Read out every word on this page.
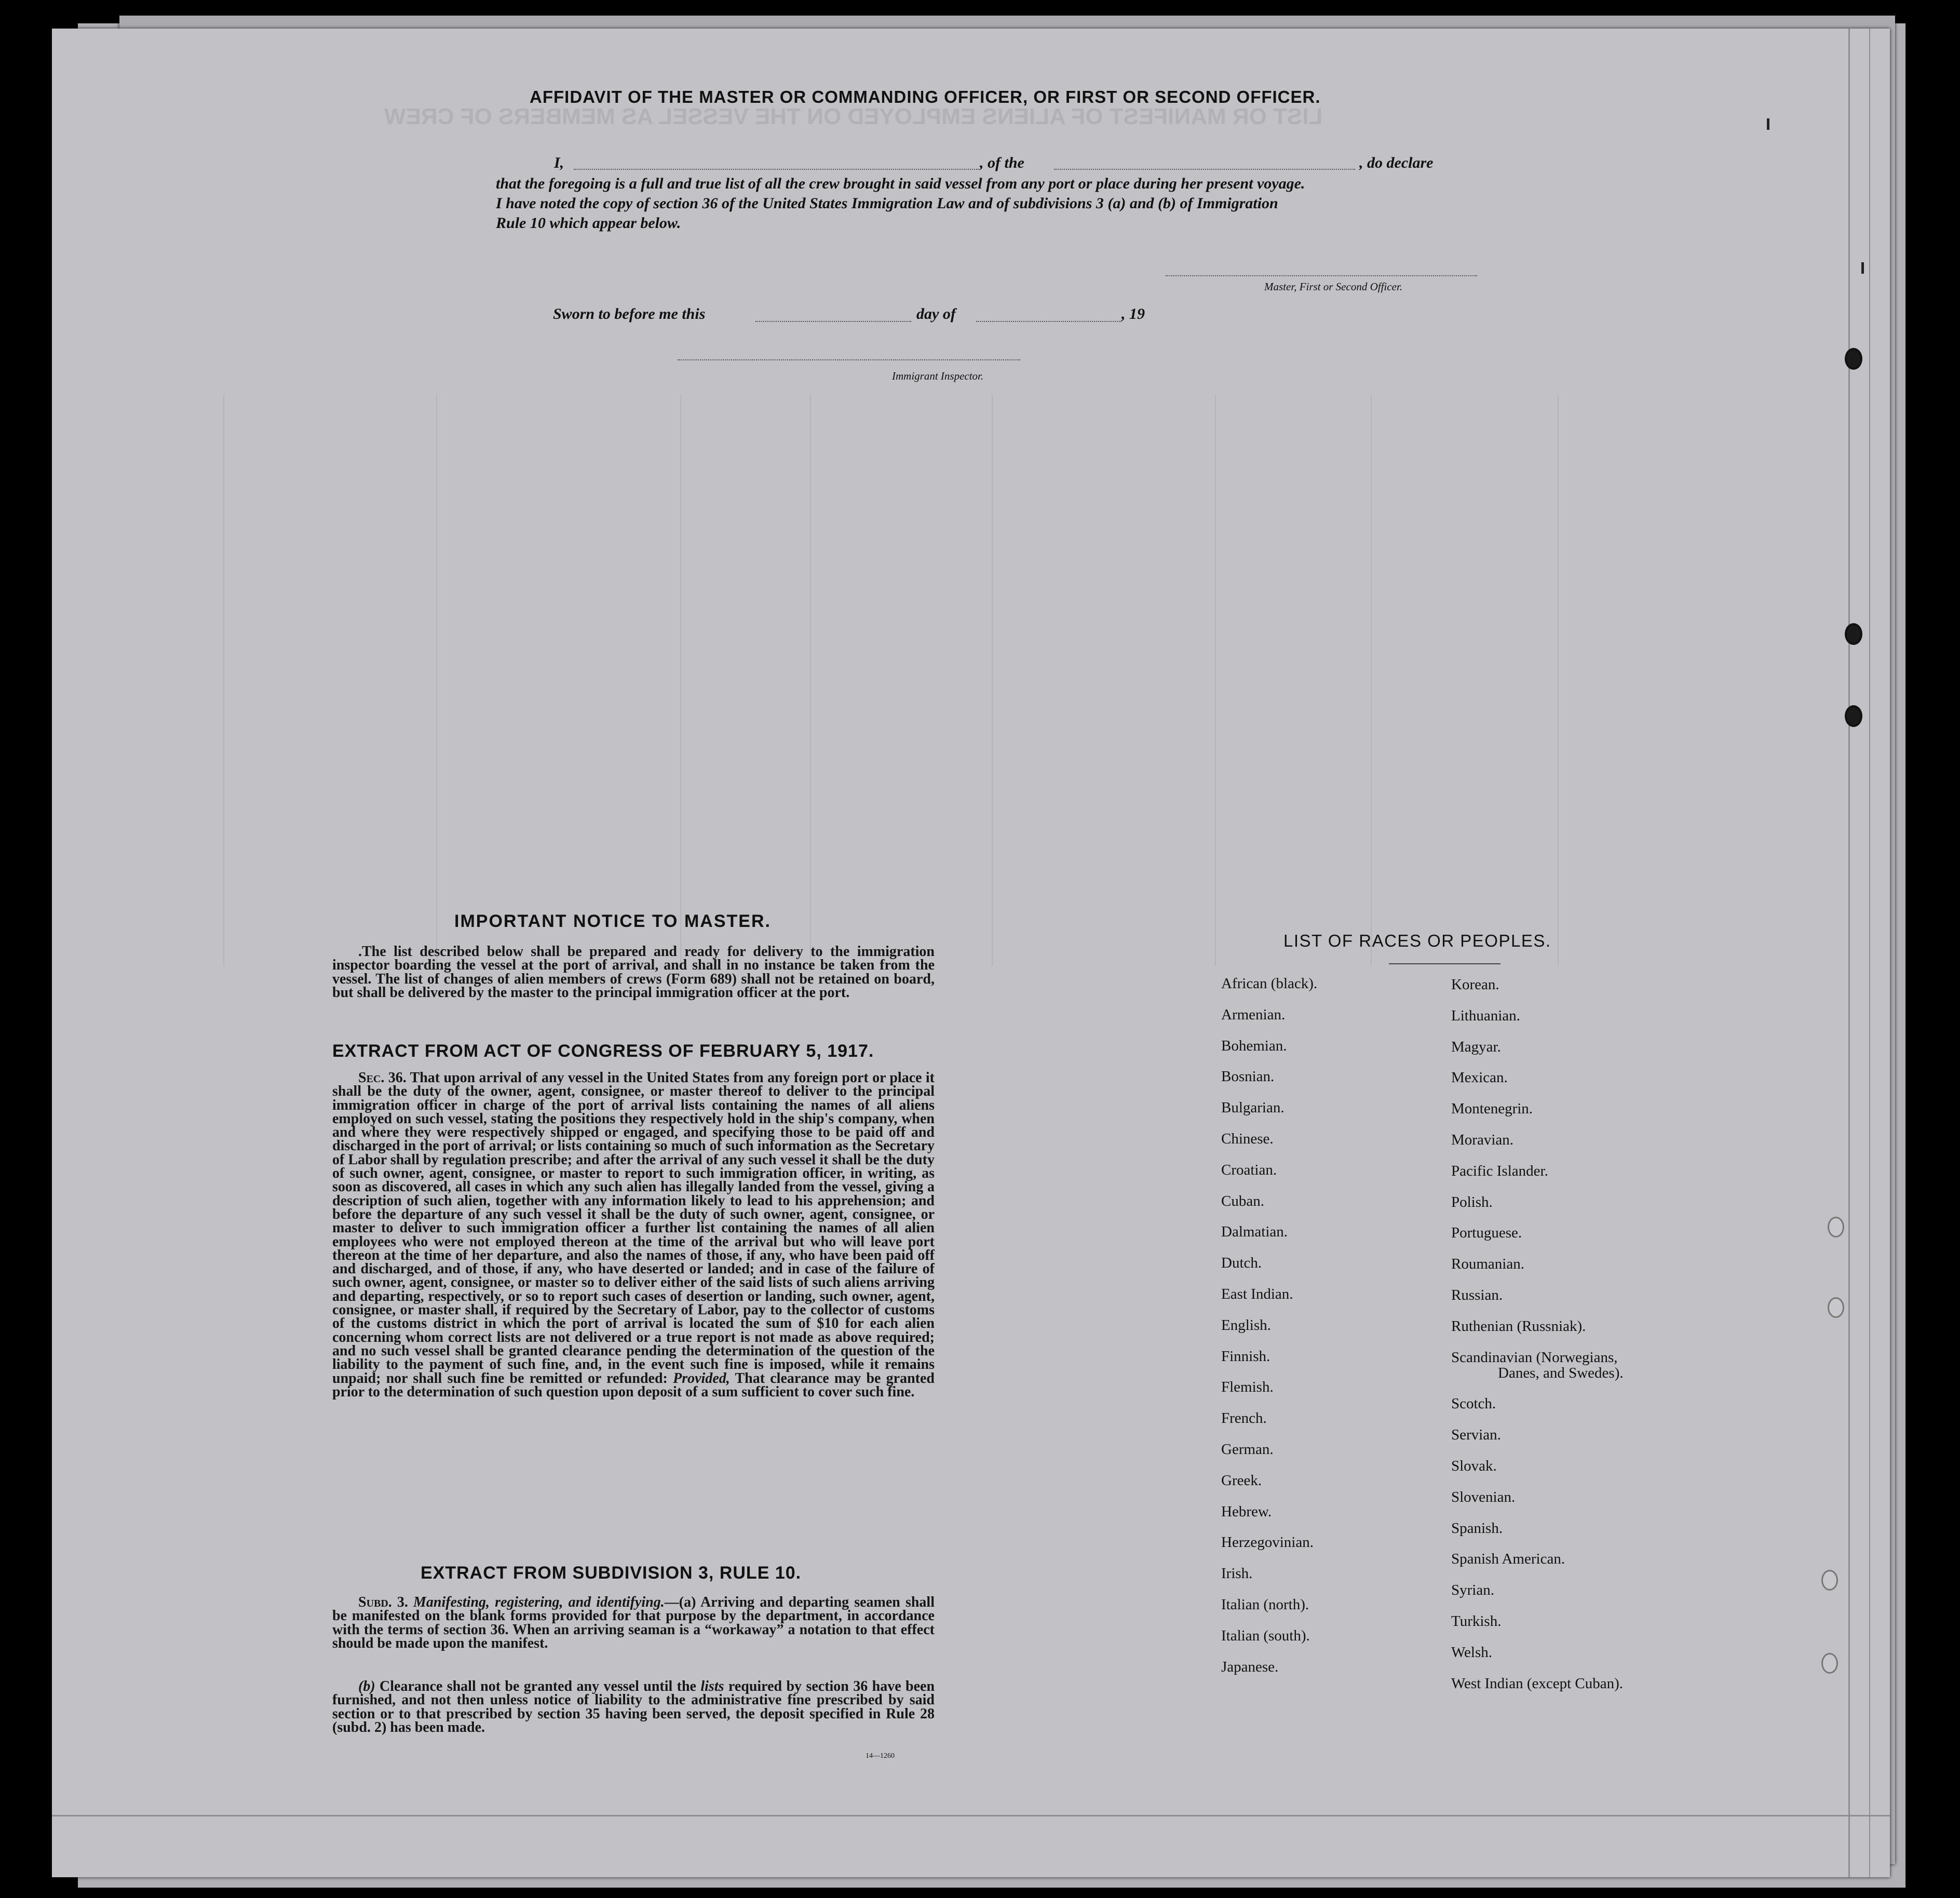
LIST OR MANIFEST OF ALIENS EMPLOYED ON THE VESSEL AS MEMBERS OF CREW
AFFIDAVIT OF THE MASTER OR COMMANDING OFFICER, OR FIRST OR SECOND OFFICER.
I,	, of the	, do declare
that the foregoing is a full and true list of all the crew brought in said vessel from any port or place during her present voyage.
I have noted the copy of section 36 of the United States Immigration Law and of subdivisions 3 (a) and (b) of Immigration
Rule 10 which appear below.
Master, First or Second Officer.
Sworn to before me this	day of	, 19
Immigrant Inspector.
IMPORTANT NOTICE TO MASTER.
.The list described below shall be prepared and ready for delivery to the immigration inspector boarding the vessel at the port of arrival, and shall in no instance be taken from the vessel. The list of changes of alien members of crews (Form 689) shall not be retained on board, but shall be delivered by the master to the principal immigration officer at the port.
EXTRACT FROM ACT OF CONGRESS OF FEBRUARY 5, 1917.
Sec. 36. That upon arrival of any vessel in the United States from any foreign port or place it shall be the duty of the owner, agent, consignee, or master thereof to deliver to the principal immigration officer in charge of the port of arrival lists containing the names of all aliens employed on such vessel, stating the positions they respectively hold in the ship's company, when and where they were respectively shipped or engaged, and specifying those to be paid off and discharged in the port of arrival; or lists containing so much of such information as the Secretary of Labor shall by regulation prescribe; and after the arrival of any such vessel it shall be the duty of such owner, agent, consignee, or master to report to such immigration officer, in writing, as soon as discovered, all cases in which any such alien has illegally landed from the vessel, giving a description of such alien, together with any information likely to lead to his apprehension; and before the departure of any such vessel it shall be the duty of such owner, agent, consignee, or master to deliver to such immigration officer a further list containing the names of all alien employees who were not employed thereon at the time of the arrival but who will leave port thereon at the time of her departure, and also the names of those, if any, who have been paid off and discharged, and of those, if any, who have deserted or landed; and in case of the failure of such owner, agent, consignee, or master so to deliver either of the said lists of such aliens arriving and departing, respectively, or so to report such cases of desertion or landing, such owner, agent, consignee, or master shall, if required by the Secretary of Labor, pay to the collector of customs of the customs district in which the port of arrival is located the sum of $10 for each alien concerning whom correct lists are not delivered or a true report is not made as above required; and no such vessel shall be granted clearance pending the determination of the question of the liability to the payment of such fine, and, in the event such fine is imposed, while it remains unpaid; nor shall such fine be remitted or refunded: Provided, That clearance may be granted prior to the determination of such question upon deposit of a sum sufficient to cover such fine.
EXTRACT FROM SUBDIVISION 3, RULE 10.
Subd. 3. Manifesting, registering, and identifying.—(a) Arriving and departing seamen shall be manifested on the blank forms provided for that purpose by the department, in accordance with the terms of section 36. When an arriving seaman is a “workaway” a notation to that effect should be made upon the manifest.
(b) Clearance shall not be granted any vessel until the lists required by section 36 have been furnished, and not then unless notice of liability to the administrative fine prescribed by said section or to that prescribed by section 35 having been served, the deposit specified in Rule 28 (subd. 2) has been made.
14—1260
LIST OF RACES OR PEOPLES.
African (black).
Armenian.
Bohemian.
Bosnian.
Bulgarian.
Chinese.
Croatian.
Cuban.
Dalmatian.
Dutch.
East Indian.
English.
Finnish.
Flemish.
French.
German.
Greek.
Hebrew.
Herzegovinian.
Irish.
Italian (north).
Italian (south).
Japanese.
Korean.
Lithuanian.
Magyar.
Mexican.
Montenegrin.
Moravian.
Pacific Islander.
Polish.
Portuguese.
Roumanian.
Russian.
Ruthenian (Russniak).
Scandinavian (Norwegians,
Danes, and Swedes).
Scotch.
Servian.
Slovak.
Slovenian.
Spanish.
Spanish American.
Syrian.
Turkish.
Welsh.
West Indian (except Cuban).
